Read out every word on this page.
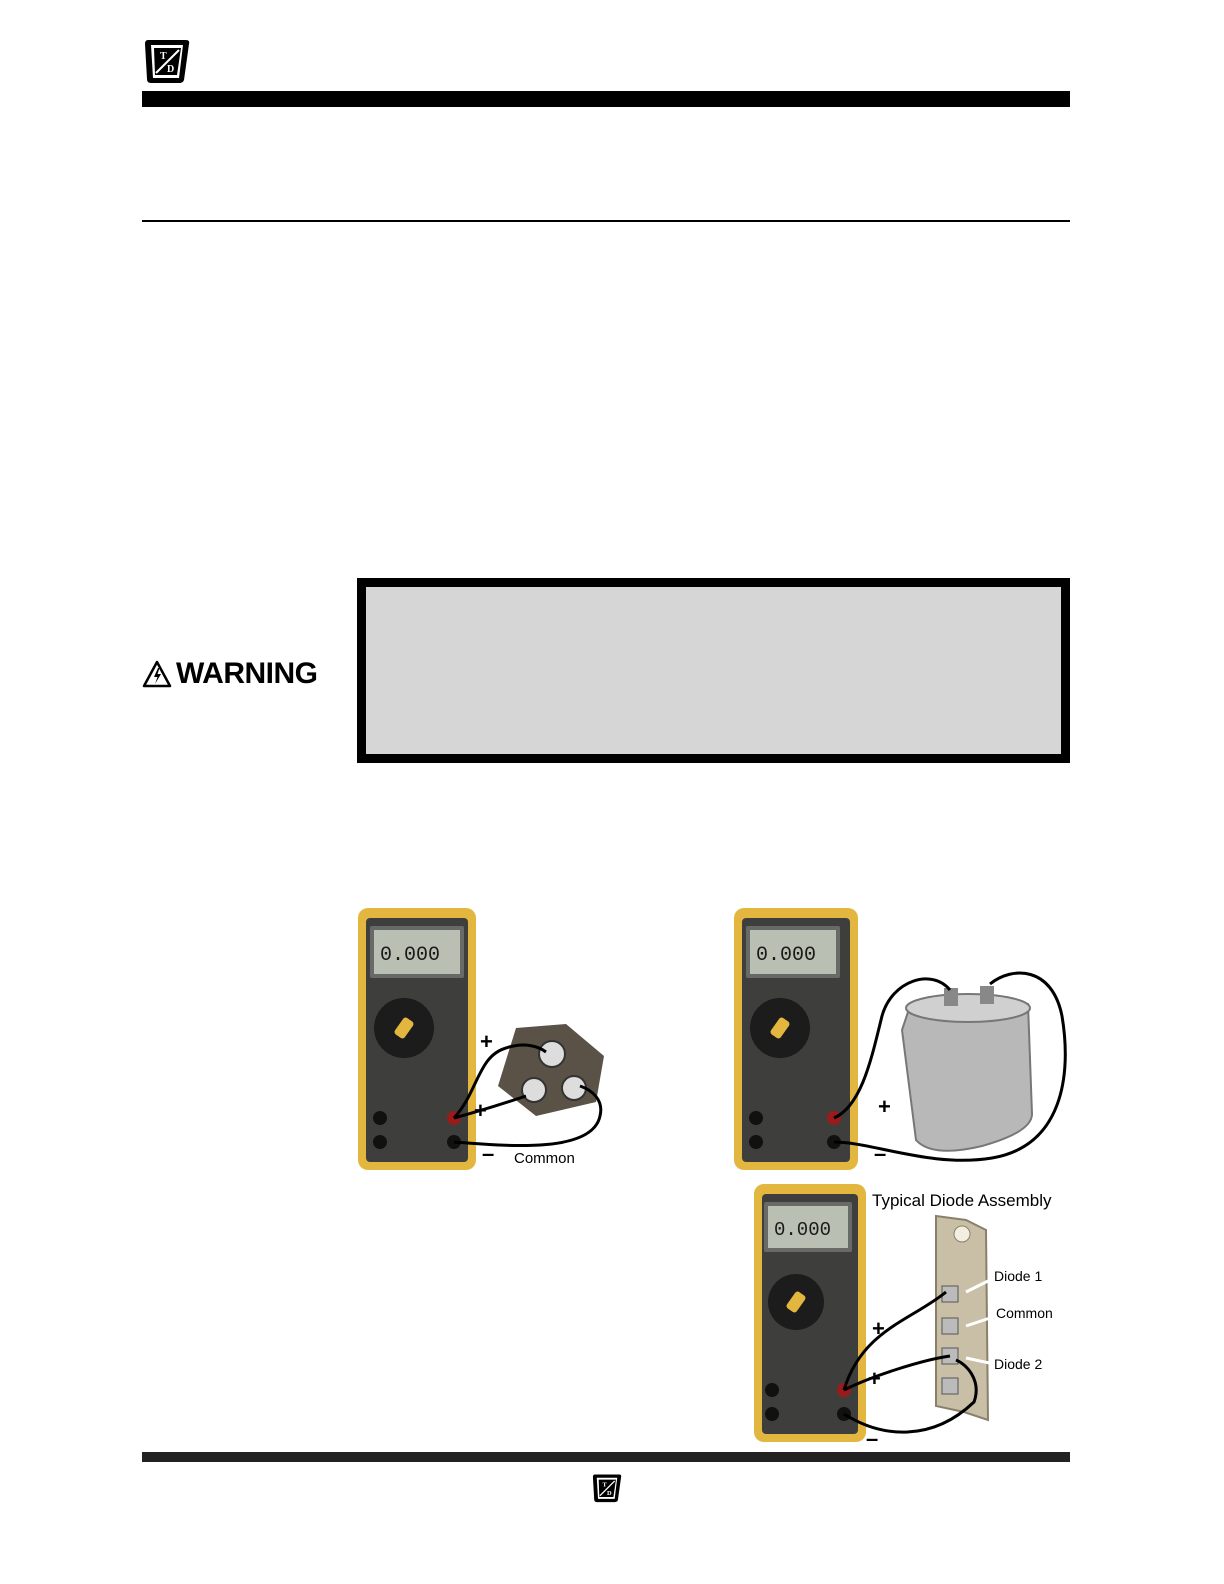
T
D
WARNING
0.000
+
+
– Common
0.000
+
–
0.000
Typical Diode Assembly
Diode 1
Common
Diode 2
+
+
–
T
D
